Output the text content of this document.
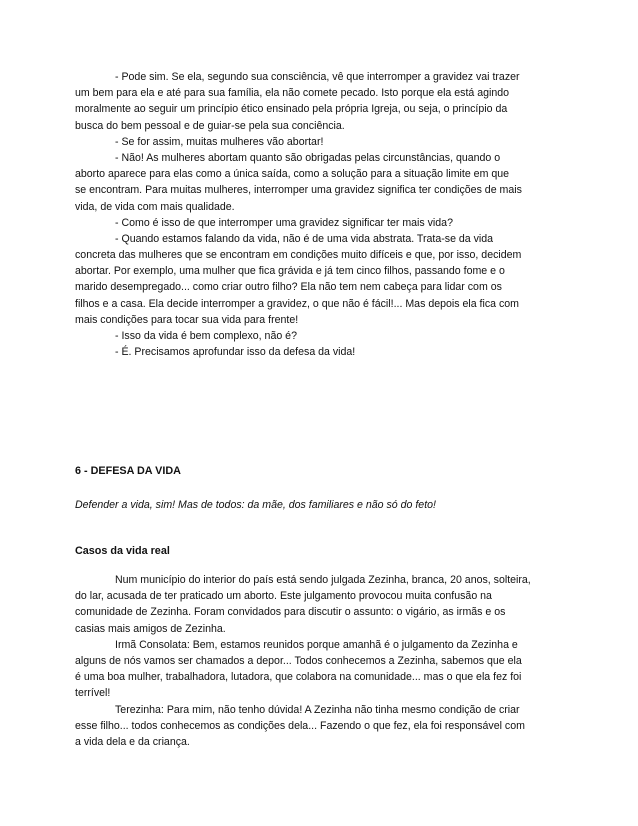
- Pode sim. Se ela, segundo sua consciência, vê que interromper a gravidez vai trazer
um bem para ela e até para sua família, ela não comete pecado. Isto porque ela está agindo
moralmente ao seguir um princípio ético ensinado pela própria Igreja, ou seja, o princípio da
busca do bem pessoal e de guiar-se pela sua conciência.
- Se for assim, muitas mulheres vão abortar!
- Não! As mulheres abortam quanto são obrigadas pelas circunstâncias, quando o
aborto aparece para elas como a única saída, como a solução para a situação limite em que
se encontram. Para muitas mulheres, interromper uma gravidez significa ter condições de mais
vida, de vida com mais qualidade.
- Como é isso de que interromper uma gravidez significar ter mais vida?
- Quando estamos falando da vida, não é de uma vida abstrata. Trata-se da vida
concreta das mulheres que se encontram em condições muito difíceis e que, por isso, decidem
abortar. Por exemplo, uma mulher que fica grávida e já tem cinco filhos, passando fome e o
marido desempregado... como criar outro filho? Ela não tem nem cabeça para lidar com os
filhos e a casa. Ela decide interromper a gravidez, o que não é fácil!... Mas depois ela fica com
mais condições para tocar sua vida para frente!
- Isso da vida é bem complexo, não é?
- É. Precisamos aprofundar isso da defesa da vida!
6 - DEFESA DA VIDA
Defender a vida, sim! Mas de todos: da mãe, dos familiares e não só do feto!
Casos da vida real
Num município do interior do país está sendo julgada Zezinha, branca, 20 anos, solteira,
do lar, acusada de ter praticado um aborto. Este julgamento provocou muita confusão na
comunidade de Zezinha. Foram convidados para discutir o assunto: o vigário, as irmãs e os
casias mais amigos de Zezinha.
Irmã Consolata: Bem, estamos reunidos porque amanhã é o julgamento da Zezinha e
alguns de nós vamos ser chamados a depor... Todos conhecemos a Zezinha, sabemos que ela
é uma boa mulher, trabalhadora, lutadora, que colabora na comunidade... mas o que ela fez foi
terrível!
Terezinha: Para mim, não tenho dúvida! A Zezinha não tinha mesmo condição de criar
esse filho... todos conhecemos as condições dela... Fazendo o que fez, ela foi responsável com
a vida dela e da criança.
